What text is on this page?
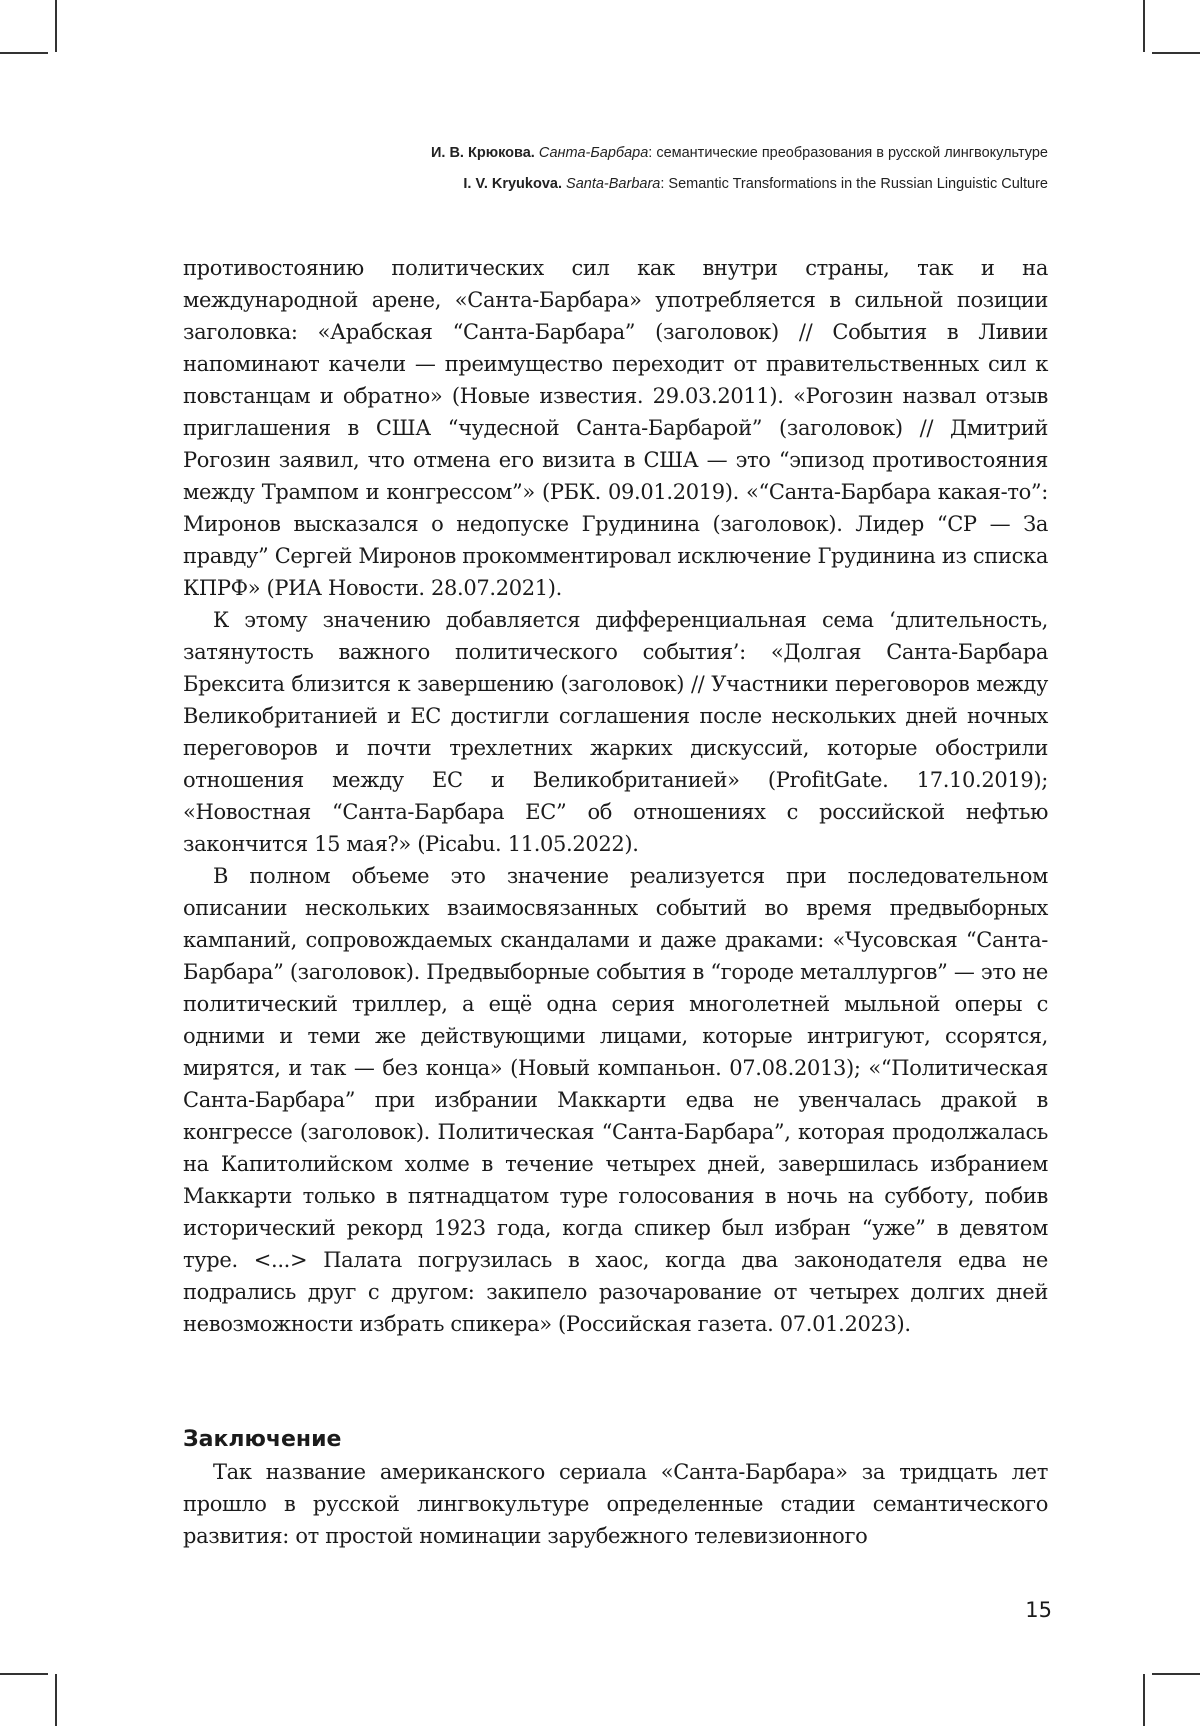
И. В. Крюкова. Санта-Барбара: семантические преобразования в русской лингвокультуре
I. V. Kryukova. Santa-Barbara: Semantic Transformations in the Russian Linguistic Culture

противостоянию политических сил как внутри страны, так и на международной арене, «Санта-Барбара» употребляется в сильной позиции заголовка: «Арабская “Санта-Барбара” (заголовок) // События в Ливии напоминают качели — преимущество переходит от правительственных сил к повстанцам и обратно» (Новые известия. 29.03.2011). «Рогозин назвал отзыв приглашения в США “чудесной Санта-Барбарой” (заголовок) // Дмитрий Рогозин заявил, что отмена его визита в США — это “эпизод противостояния между Трампом и конгрессом”» (РБК. 09.01.2019). «“Санта-Барбара какая-то”: Миронов высказался о недопуске Грудинина (заголовок). Лидер “СР — За правду” Сергей Миронов прокомментировал исключение Грудинина из списка КПРФ» (РИА Новости. 28.07.2021).

К этому значению добавляется дифференциальная сема ‘длительность, затянутость важного политического события’: «Долгая Санта-Барбара Брексита близится к завершению (заголовок) // Участники переговоров между Великобританией и ЕС достигли соглашения после нескольких дней ночных переговоров и почти трехлетних жарких дискуссий, которые обострили отношения между ЕС и Великобританией» (ProfitGate. 17.10.2019); «Новостная “Санта-Барбара ЕС” об отношениях с российской нефтью закончится 15 мая?» (Picabu. 11.05.2022).

В полном объеме это значение реализуется при последовательном описании нескольких взаимосвязанных событий во время предвыборных кампаний, сопровождаемых скандалами и даже драками: «Чусовская “Санта-Барбара” (заголовок). Предвыборные события в “городе металлургов” — это не политический триллер, а ещё одна серия многолетней мыльной оперы с одними и теми же действующими лицами, которые интригуют, ссорятся, мирятся, и так — без конца» (Новый компаньон. 07.08.2013); «“Политическая Санта-Барбара” при избрании Маккарти едва не увенчалась дракой в конгрессе (заголовок). Политическая “Санта-Барбара”, которая продолжалась на Капитолийском холме в течение четырех дней, завершилась избранием Маккарти только в пятнадцатом туре голосования в ночь на субботу, побив исторический рекорд 1923 года, когда спикер был избран “уже” в девятом туре. <...> Палата погрузилась в хаос, когда два законодателя едва не подрались друг с другом: закипело разочарование от четырех долгих дней невозможности избрать спикера» (Российская газета. 07.01.2023).

Заключение

Так название американского сериала «Санта-Барбара» за тридцать лет прошло в русской лингвокультуре определенные стадии семантического развития: от простой номинации зарубежного телевизионного

15
